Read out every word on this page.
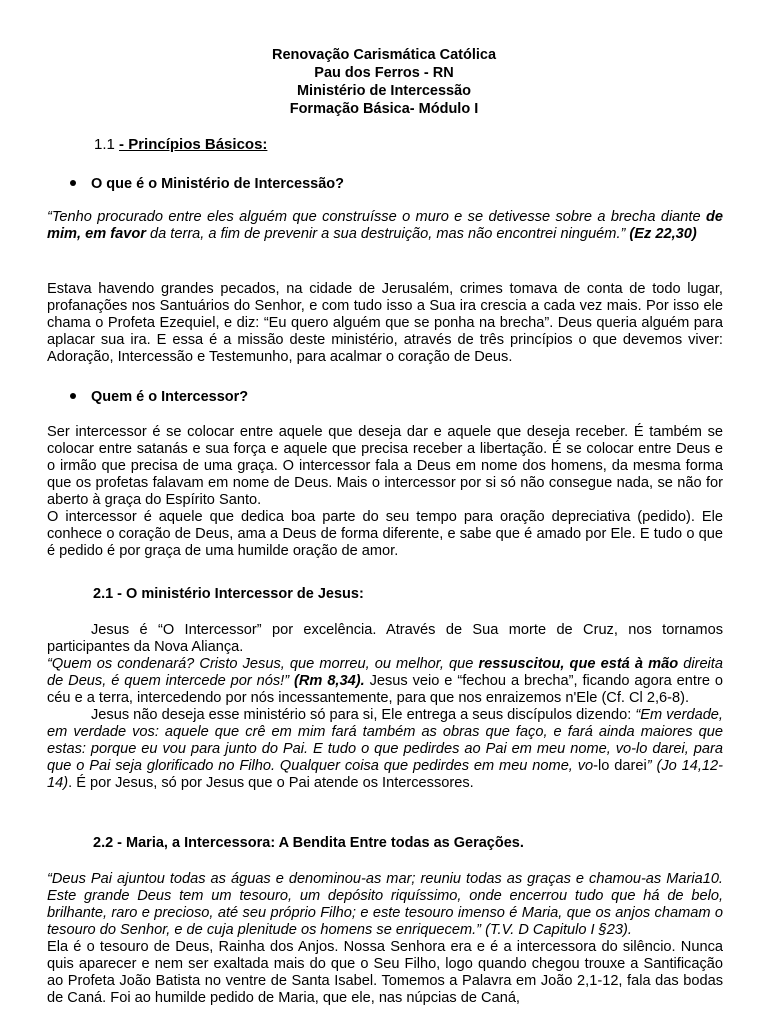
Renovação Carismática Católica
Pau dos Ferros - RN
Ministério de Intercessão
Formação Básica- Módulo I
1.1 - Princípios Básicos:
O que é o Ministério de Intercessão?

“Tenho procurado entre eles alguém que construísse o muro e se detivesse sobre a brecha diante de mim, em favor da terra, a fim de prevenir a sua destruição, mas não encontrei ninguém.” (Ez 22,30)

Estava havendo grandes pecados, na cidade de Jerusalém, crimes tomava de conta de todo lugar, profanações nos Santuários do Senhor, e com tudo isso a Sua ira crescia a cada vez mais. Por isso ele chama o Profeta Ezequiel, e diz: “Eu quero alguém que se ponha na brecha”. Deus queria alguém para aplacar sua ira. E essa é a missão deste ministério, através de três princípios o que devemos viver: Adoração, Intercessão e Testemunho, para acalmar o coração de Deus.

Quem é o Intercessor?

Ser intercessor é se colocar entre aquele que deseja dar e aquele que deseja receber. É também se colocar entre satanás e sua força e aquele que precisa receber a libertação. É se colocar entre Deus e o irmão que precisa de uma graça. O intercessor fala a Deus em nome dos homens, da mesma forma que os profetas falavam em nome de Deus. Mais o intercessor por si só não consegue nada, se não for aberto à graça do Espírito Santo.

O intercessor é aquele que dedica boa parte do seu tempo para oração depreciativa (pedido). Ele conhece o coração de Deus, ama a Deus de forma diferente, e sabe que é amado por Ele. E tudo o que é pedido é por graça de uma humilde oração de amor.

2.1 - O ministério Intercessor de Jesus:

Jesus é “O Intercessor” por excelência. Através de Sua morte de Cruz, nos tornamos participantes da Nova Aliança.

“Quem os condenará? Cristo Jesus, que morreu, ou melhor, que ressuscitou, que está à mão direita de Deus, é quem intercede por nós!” (Rm 8,34). Jesus veio e “fechou a brecha”, ficando agora entre o céu e a terra, intercedendo por nós incessantemente, para que nos enraizemos n'Ele (Cf. Cl 2,6-8).

Jesus não deseja esse ministério só para si, Ele entrega a seus discípulos dizendo: “Em verdade, em verdade vos: aquele que crê em mim fará também as obras que faço, e fará ainda maiores que estas: porque eu vou para junto do Pai. E tudo o que pedirdes ao Pai em meu nome, vo-lo darei, para que o Pai seja glorificado no Filho. Qualquer coisa que pedirdes em meu nome, vo-lo darei” (Jo 14,12-14). É por Jesus, só por Jesus que o Pai atende os Intercessores.

2.2 - Maria, a Intercessora: A Bendita Entre todas as Gerações.

“Deus Pai ajuntou todas as águas e denominou-as mar; reuniu todas as graças e chamou-as Maria10. Este grande Deus tem um tesouro, um depósito riquíssimo, onde encerrou tudo que há de belo, brilhante, raro e precioso, até seu próprio Filho; e este tesouro imenso é Maria, que os anjos chamam o tesouro do Senhor, e de cuja plenitude os homens se enriquecem.” (T.V. D Capitulo I §23).

Ela é o tesouro de Deus, Rainha dos Anjos. Nossa Senhora era e é a intercessora do silêncio. Nunca quis aparecer e nem ser exaltada mais do que o Seu Filho, logo quando chegou trouxe a Santificação ao Profeta João Batista no ventre de Santa Isabel. Tomemos a Palavra em João 2,1-12, fala das bodas de Caná. Foi ao humilde pedido de Maria, que ele, nas núpcias de Caná,
